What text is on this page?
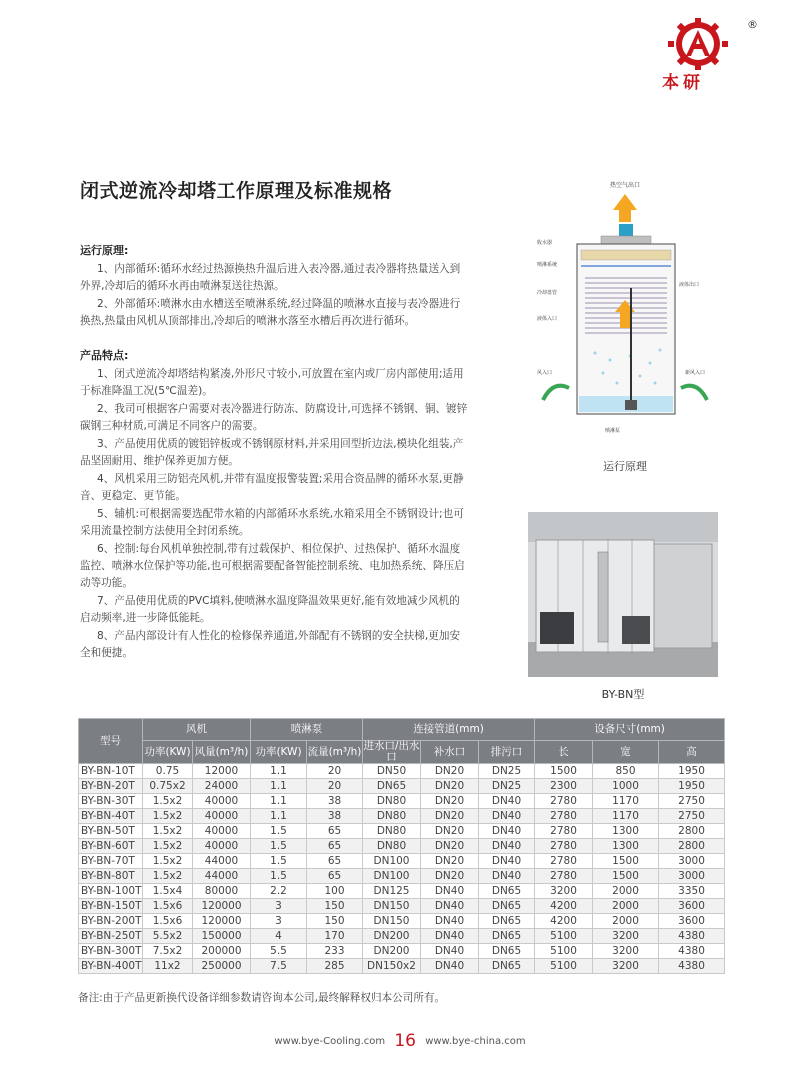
®
本研
闭式逆流冷却塔工作原理及标准规格
运行原理:

1、内部循环:循环水经过热源换热升温后进入表冷器,通过表冷器将热量送入到外界,冷却后的循环水再由喷淋泵送往热源。

2、外部循环:喷淋水由水槽送至喷淋系统,经过降温的喷淋水直接与表冷器进行换热,热量由风机从顶部排出,冷却后的喷淋水落至水槽后再次进行循环。

产品特点:

1、闭式逆流冷却塔结构紧凑,外形尺寸较小,可放置在室内或厂房内部使用;适用于标准降温工况(5℃温差)。

2、我司可根据客户需要对表冷器进行防冻、防腐设计,可选择不锈钢、铜、镀锌碳钢三种材质,可满足不同客户的需要。

3、产品使用优质的镀铝锌板或不锈钢原材料,并采用回型折边法,模块化组装,产品坚固耐用、维护保养更加方便。

4、风机采用三防铝壳风机,并带有温度报警装置;采用合资品牌的循环水泵,更静音、更稳定、更节能。

5、辅机:可根据需要选配带水箱的内部循环水系统,水箱采用全不锈钢设计;也可采用流量控制方法使用全封闭系统。

6、控制:每台风机单独控制,带有过载保护、相位保护、过热保护、循环水温度监控、喷淋水位保护等功能,也可根据需要配备智能控制系统、电加热系统、降压启动等功能。

7、产品使用优质的PVC填料,使喷淋水温度降温效果更好,能有效地减少风机的启动频率,进一步降低能耗。

8、产品内部设计有人性化的检修保养通道,外部配有不锈钢的安全扶梯,更加安全和便捷。

热空气出口
收水器
喷淋系统
冷却盘管
液体入口
液体出口
风入口	新风入口
喷淋泵
运行原理
BY-BN型
型号	风机		喷淋泵		连接管道(mm)			设备尺寸(mm)		
	功率(KW)	风量(m³/h)	功率(KW)	流量(m³/h)	进水口/出水口	补水口	排污口	长	宽	高
BY-BN-10T	0.75	12000	1.1	20	DN50	DN20	DN25	1500	850	1950
BY-BN-20T	0.75x2	24000	1.1	20	DN65	DN20	DN25	2300	1000	1950
BY-BN-30T	1.5x2	40000	1.1	38	DN80	DN20	DN40	2780	1170	2750
BY-BN-40T	1.5x2	40000	1.1	38	DN80	DN20	DN40	2780	1170	2750
BY-BN-50T	1.5x2	40000	1.5	65	DN80	DN20	DN40	2780	1300	2800
BY-BN-60T	1.5x2	40000	1.5	65	DN80	DN20	DN40	2780	1300	2800
BY-BN-70T	1.5x2	44000	1.5	65	DN100	DN20	DN40	2780	1500	3000
BY-BN-80T	1.5x2	44000	1.5	65	DN100	DN20	DN40	2780	1500	3000
BY-BN-100T	1.5x4	80000	2.2	100	DN125	DN40	DN65	3200	2000	3350
BY-BN-150T	1.5x6	120000	3	150	DN150	DN40	DN65	4200	2000	3600
BY-BN-200T	1.5x6	120000	3	150	DN150	DN40	DN65	4200	2000	3600
BY-BN-250T	5.5x2	150000	4	170	DN200	DN40	DN65	5100	3200	4380
BY-BN-300T	7.5x2	200000	5.5	233	DN200	DN40	DN65	5100	3200	4380
BY-BN-400T	11x2	250000	7.5	285	DN150x2	DN40	DN65	5100	3200	4380
备注:由于产品更新换代设备详细参数请咨询本公司,最终解释权归本公司所有。
www.bye-Cooling.com 16 www.bye-china.com
